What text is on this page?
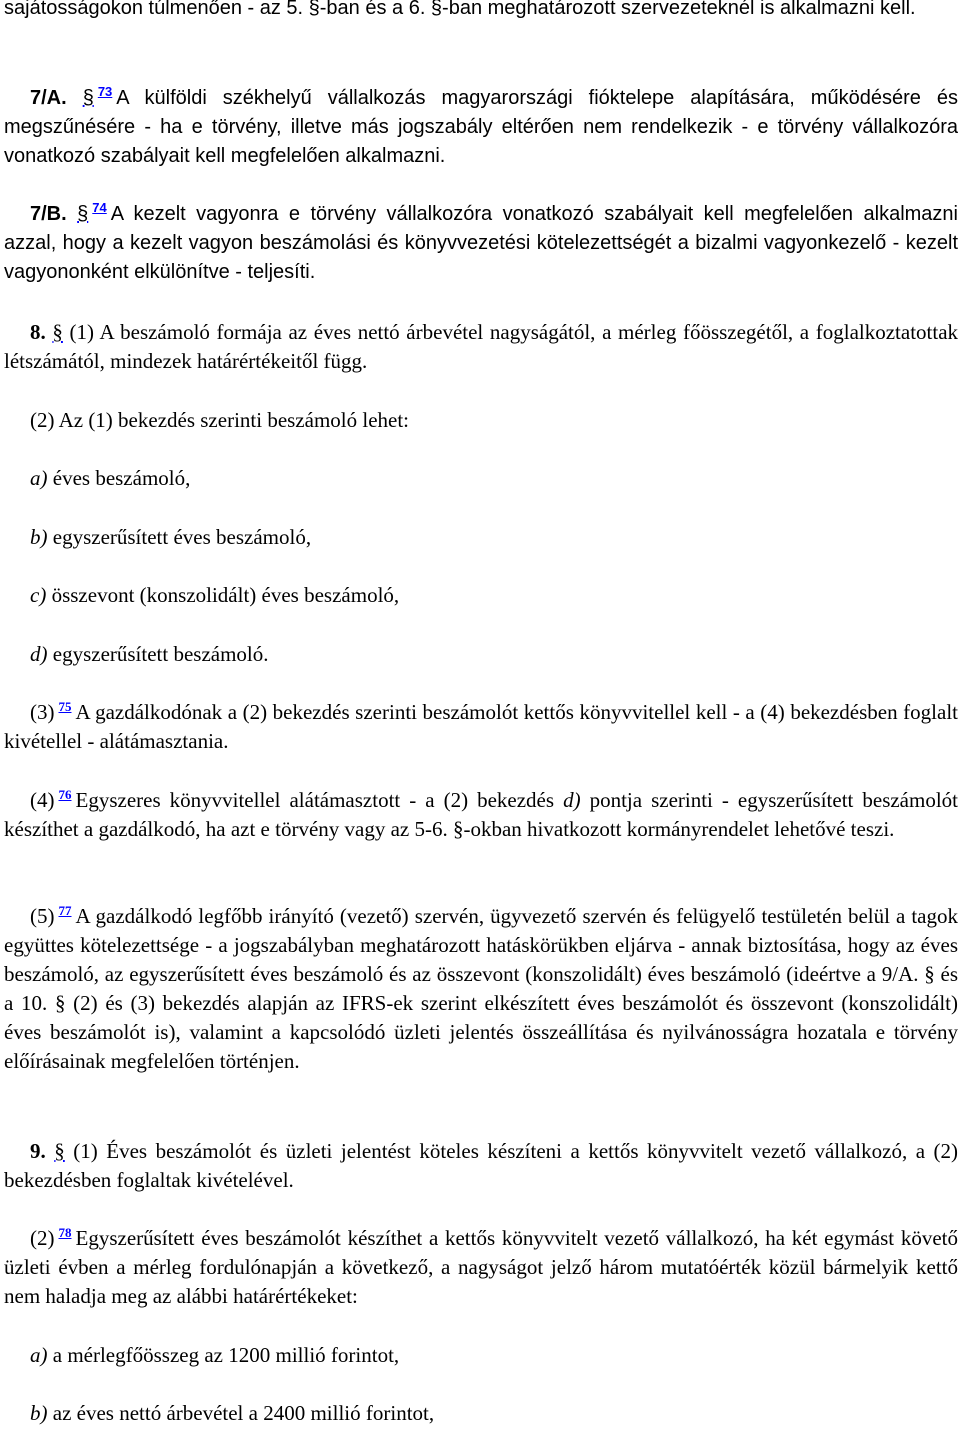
sajátosságokon túlmenően - az 5. §-ban és a 6. §-ban meghatározott szervezeteknél is alkalmazni kell.

7/A. § $^{73}$ A külföldi székhelyű vállalkozás magyarországi fióktelepe alapítására, működésére és megszűnésére - ha e törvény, illetve más jogszabály eltérően nem rendelkezik - e törvény vállalkozóra vonatkozó szabályait kell megfelelően alkalmazni.

7/B. § $^{74}$ A kezelt vagyonra e törvény vállalkozóra vonatkozó szabályait kell megfelelően alkalmazni azzal, hogy a kezelt vagyon beszámolási és könyvvezetési kötelezettségét a bizalmi vagyonkezelő - kezelt vagyononként elkülönítve - teljesíti.

8. § (1) A beszámoló formája az éves nettó árbevétel nagyságától, a mérleg főösszegétől, a foglalkoztatottak létszámától, mindezek határértékeitől függ.

(2) Az (1) bekezdés szerinti beszámoló lehet:

a) éves beszámoló,

b) egyszerűsített éves beszámoló,

c) összevont (konszolidált) éves beszámoló,

d) egyszerűsített beszámoló.

(3) $^{75}$ A gazdálkodónak a (2) bekezdés szerinti beszámolót kettős könyvvitellel kell - a (4) bekezdésben foglalt kivétellel - alátámasztania.

(4) $^{76}$ Egyszeres könyvvitellel alátámasztott - a (2) bekezdés d) pontja szerinti - egyszerűsített beszámolót készíthet a gazdálkodó, ha azt e törvény vagy az 5-6. §-okban hivatkozott kormányrendelet lehetővé teszi.

(5) $^{77}$ A gazdálkodó legfőbb irányító (vezető) szervén, ügyvezető szervén és felügyelő testületén belül a tagok együttes kötelezettsége - a jogszabályban meghatározott hatáskörükben eljárva - annak biztosítása, hogy az éves beszámoló, az egyszerűsített éves beszámoló és az összevont (konszolidált) éves beszámoló (ideértve a 9/A. § és a 10. § (2) és (3) bekezdés alapján az IFRS-ek szerint elkészített éves beszámolót és összevont (konszolidált) éves beszámolót is), valamint a kapcsolódó üzleti jelentés összeállítása és nyilvánosságra hozatala e törvény előírásainak megfelelően történjen.

9. § (1) Éves beszámolót és üzleti jelentést köteles készíteni a kettős könyvvitelt vezető vállalkozó, a (2) bekezdésben foglaltak kivételével.

(2) $^{78}$ Egyszerűsített éves beszámolót készíthet a kettős könyvvitelt vezető vállalkozó, ha két egymást követő üzleti évben a mérleg fordulónapján a következő, a nagyságot jelző három mutatóérték közül bármelyik kettő nem haladja meg az alábbi határértékeket:

a) a mérlegfőösszeg az 1200 millió forintot,

b) az éves nettó árbevétel a 2400 millió forintot,
